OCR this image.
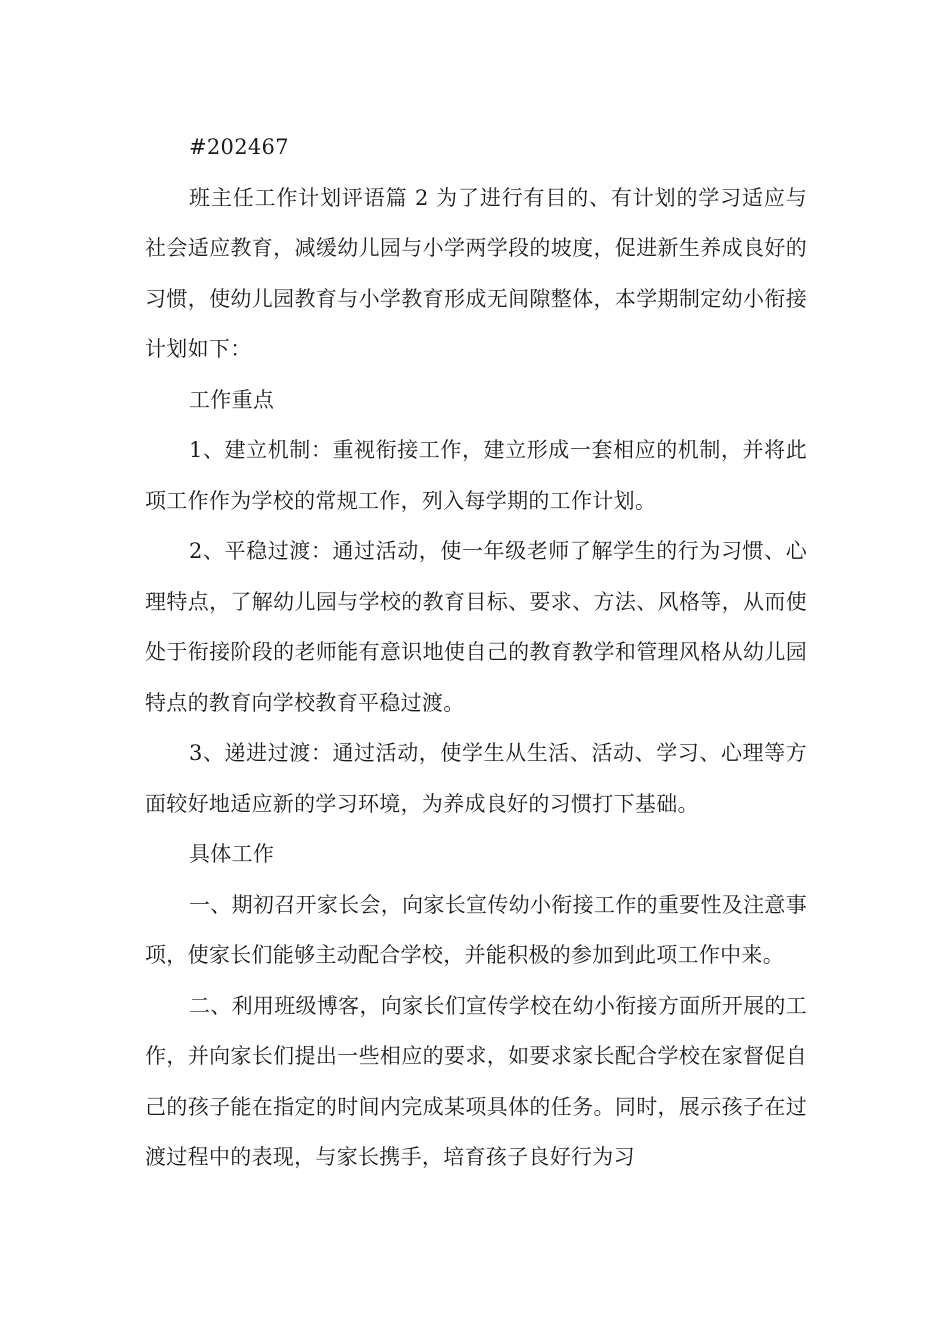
#202467

班主任工作计划评语篇 2 为了进行有目的、有计划的学习适应与社会适应教育，减缓幼儿园与小学两学段的坡度，促进新生养成良好的习惯，使幼儿园教育与小学教育形成无间隙整体，本学期制定幼小衔接计划如下：

工作重点

1、建立机制：重视衔接工作，建立形成一套相应的机制，并将此项工作作为学校的常规工作，列入每学期的工作计划。

2、平稳过渡：通过活动，使一年级老师了解学生的行为习惯、心理特点，了解幼儿园与学校的教育目标、要求、方法、风格等，从而使处于衔接阶段的老师能有意识地使自己的教育教学和管理风格从幼儿园特点的教育向学校教育平稳过渡。

3、递进过渡：通过活动，使学生从生活、活动、学习、心理等方面较好地适应新的学习环境，为养成良好的习惯打下基础。

具体工作

一、期初召开家长会，向家长宣传幼小衔接工作的重要性及注意事项，使家长们能够主动配合学校，并能积极的参加到此项工作中来。

二、利用班级博客，向家长们宣传学校在幼小衔接方面所开展的工作，并向家长们提出一些相应的要求，如要求家长配合学校在家督促自己的孩子能在指定的时间内完成某项具体的任务。同时，展示孩子在过渡过程中的表现，与家长携手，培育孩子良好行为习
